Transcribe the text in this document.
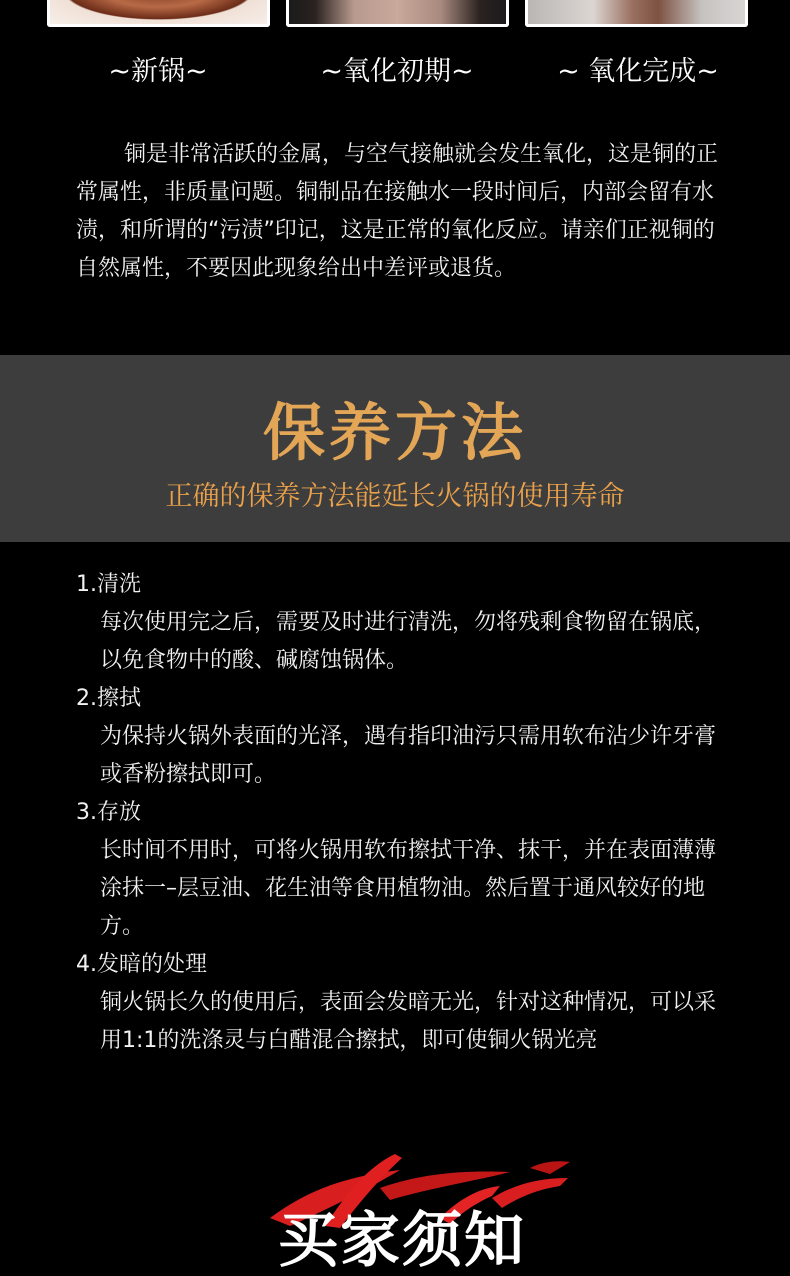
~新锅~	~氧化初期~	~ 氧化完成~

铜是非常活跃的金属，与空气接触就会发生氧化，这是铜的正常属性，非质量问题。铜制品在接触水一段时间后，内部会留有水渍，和所谓的“污渍”印记，这是正常的氧化反应。请亲们正视铜的自然属性，不要因此现象给出中差评或退货。

保养方法

正确的保养方法能延长火锅的使用寿命

1.清洗

每次使用完之后，需要及时进行清洗，勿将残剩食物留在锅底，以免食物中的酸、碱腐蚀锅体。

2.擦拭

为保持火锅外表面的光泽，遇有指印油污只需用软布沾少许牙膏或香粉擦拭即可。

3.存放

长时间不用时，可将火锅用软布擦拭干净、抹干，并在表面薄薄涂抹一–层豆油、花生油等食用植物油。然后置于通风较好的地方。

4.发暗的处理

铜火锅长久的使用后，表面会发暗无光，针对这种情况，可以采用1:1的洗涤灵与白醋混合擦拭，即可使铜火锅光亮

买家须知
